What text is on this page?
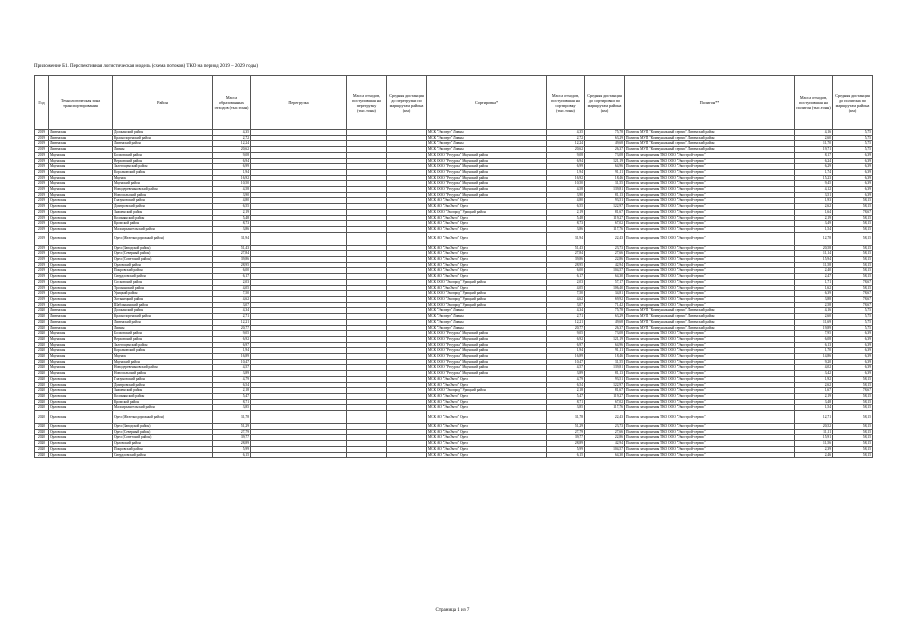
Приложение Б1. Перспективная логистическая модель (схема потоков) ТКО на период 2019 – 2029 годы)
Год	Технологическая зона транспортирования	Район	Масса образованных отходов (тыс.тонн)	Перегрузка	Масса отходов, поступившая на перегрузку (тыс.тонн)	Средняя дистанция до перегрузки по маршрутам района (км)	Сортировка*	Масса отходов, поступившая на сортировку (тыс.тонн)	Средняя дистанция до сортировки по маршрутам района (км)	Полигон**	Масса отходов, поступившая на полигон (тыс.тонн)	Средняя дистанция до полигона по маршрутам района (км)
2019	Ливенская	Должанский район	4,35				МСК "Эксперт" Ливны	4,35	75,78	Полигон МУП "Коммунальный сервис" Ливенский район	4,16	5,75
2019	Ливенская	Краснозоренский район	2,72				МСК "Эксперт" Ливны	2,72	63,29	Полигон МУП "Коммунальный сервис" Ливенский район	2,60	5,75
2019	Ливенская	Ливенский район	12,24				МСК "Эксперт" Ливны	12,24	49,68	Полигон МУП "Коммунальный сервис" Ливенский район	11,70	5,75
2019	Ливенская	Ливны	20,62				МСК "Эксперт" Ливны	20,62	26,37	Полигон МУП "Коммунальный сервис" Ливенский район	19,71	5,75
2019	Мценская	Болховский район	9,08				МСК ООО "Ресурсы" Мценский район	9,08	73,08	Полигон захоронения ТКО ООО "Экострой-сервис"	8,17	6,39
2019	Мценская	Верховский район	6,94				МСК ООО "Ресурсы" Мценский район	6,94	121,19	Полигон захоронения ТКО ООО "Экострой-сервис"	6,24	6,39
2019	Мценская	Залегощенский район	6,99				МСК ООО "Ресурсы" Мценский район	6,99	64,96	Полигон захоронения ТКО ООО "Экострой-сервис"	6,29	6,39
2019	Мценская	Корсаковский район	1,94				МСК ООО "Ресурсы" Мценский район	1,94	91,11	Полигон захоронения ТКО ООО "Экострой-сервис"	1,74	6,39
2019	Мценская	Мценск	16,92				МСК ООО "Ресурсы" Мценский район	16,92	18,46	Полигон захоронения ТКО ООО "Экострой-сервис"	15,23	6,39
2019	Мценская	Мценский район	10,50				МСК ООО "Ресурсы" Мценский район	10,50	31,55	Полигон захоронения ТКО ООО "Экострой-сервис"	9,45	6,39
2019	Мценская	Новодеревеньковский район	4,58				МСК ООО "Ресурсы" Мценский район	4,58	139,81	Полигон захоронения ТКО ООО "Экострой-сервис"	4,12	6,39
2019	Мценская	Новосильский район	3,90				МСК ООО "Ресурсы" Мценский район	3,90	81,13	Полигон захоронения ТКО ООО "Экострой-сервис"	3,51	6,39
2019	Орловская	Глазуновский район	4,80				МСК АО "ЭкоЭнто" Орел	4,80	93,51	Полигон захоронения ТКО ООО "Экострой-сервис"	1,93	58,15
2019	Орловская	Дмитровский район	6,55				МСК АО "ЭкоЭнто" Орел	6,55	122,97	Полигон захоронения ТКО ООО "Экострой-сервис"	2,62	58,15
2019	Орловская	Знаменский район	2,19				МСК ООО "Экопрод" Урицкий район	2,19	81,67	Полигон захоронения ТКО ООО "Экострой-сервис"	1,64	78,67
2019	Орловская	Колпнянский район	5,48				МСК АО "ЭкоЭнто" Орел	5,48	119,27	Полигон захоронения ТКО ООО "Экострой-сервис"	2,19	58,15
2019	Орловская	Кромской район	8,73				МСК АО "ЭкоЭнто" Орел	8,73	67,02	Полигон захоронения ТКО ООО "Экострой-сервис"	3,49	58,15
2019	Орловская	Малоархангельский район	3,86				МСК АО "ЭкоЭнто" Орел	3,86	117,76	Полигон захоронения ТКО ООО "Экострой-сервис"	1,54	58,15
2019	Орловская	Орел (Железнодорожный район)	31,94				МСК АО "ЭкоЭнто" Орел	31,94	22,43	Полигон захоронения ТКО ООО "Экострой-сервис"	12,78	58,15
2019	Орловская	Орел (Заводской район)	51,43				МСК АО "ЭкоЭнто" Орел	51,43	23,73	Полигон захоронения ТКО ООО "Экострой-сервис"	20,58	58,15
2019	Орловская	Орел (Северный район)	27,84				МСК АО "ЭкоЭнто" Орел	27,84	27,66	Полигон захоронения ТКО ООО "Экострой-сервис"	11,14	58,15
2019	Орловская	Орел (Советский район)	39,86				МСК АО "ЭкоЭнто" Орел	39,86	22,86	Полигон захоронения ТКО ООО "Экострой-сервис"	15,94	58,15
2019	Орловская	Орловский район	28,95				МСК АО "ЭкоЭнто" Орел	28,95	42,94	Полигон захоронения ТКО ООО "Экострой-сервис"	11,58	58,15
2019	Орловская	Покровский район	6,00				МСК АО "ЭкоЭнто" Орел	6,00	104,57	Полигон захоронения ТКО ООО "Экострой-сервис"	2,40	58,15
2019	Орловская	Свердловский район	6,17				МСК АО "ЭкоЭнто" Орел	6,17	64,30	Полигон захоронения ТКО ООО "Экострой-сервис"	2,47	58,15
2019	Орловская	Сосковский район	2,03				МСК ООО "Экопрод" Урицкий район	2,03	57,17	Полигон захоронения ТКО ООО "Экострой-сервис"	1,71	78,67
2019	Орловская	Троснянский район	4,05				МСК АО "ЭкоЭнто" Орел	4,05	106,40	Полигон захоронения ТКО ООО "Экострой-сервис"	1,62	58,15
2019	Орловская	Урицкий район	7,50				МСК ООО "Экопрод" Урицкий район	7,50	34,81	Полигон захоронения ТКО ООО "Экострой-сервис"	6,39	78,67
2019	Орловская	Хотынецкий район	4,62				МСК ООО "Экопрод" Урицкий район	4,62	69,92	Полигон захоронения ТКО ООО "Экострой-сервис"	3,88	78,67
2019	Орловская	Шаблыкинский район	3,07				МСК ООО "Экопрод" Урицкий район	3,07	71,42	Полигон захоронения ТКО ООО "Экострой-сервис"	2,58	78,67
2020	Ливенская	Должанский район	4,34				МСК "Эксперт" Ливны	4,34	75,78	Полигон МУП "Коммунальный сервис" Ливенский район	4,16	5,75
2020	Ливенская	Краснозоренский район	2,71				МСК "Эксперт" Ливны	2,71	63,29	Полигон МУП "Коммунальный сервис" Ливенский район	2,60	5,75
2020	Ливенская	Ливенский район	12,21				МСК "Эксперт" Ливны	12,21	49,68	Полигон МУП "Коммунальный сервис" Ливенский район	11,69	5,75
2020	Ливенская	Ливны	20,77				МСК "Эксперт" Ливны	20,77	26,37	Полигон МУП "Коммунальный сервис" Ливенский район	19,89	5,75
2020	Мценская	Болховский район	9,05				МСК ООО "Ресурсы" Мценский район	9,05	73,08	Полигон захоронения ТКО ООО "Экострой-сервис"	7,95	6,39
2020	Мценская	Верховский район	6,92				МСК ООО "Ресурсы" Мценский район	6,92	121,19	Полигон захоронения ТКО ООО "Экострой-сервис"	6,08	6,39
2020	Мценская	Залегощенский район	6,97				МСК ООО "Ресурсы" Мценский район	6,97	64,96	Полигон захоронения ТКО ООО "Экострой-сервис"	6,13	6,39
2020	Мценская	Корсаковский район	1,94				МСК ООО "Ресурсы" Мценский район	1,94	91,11	Полигон захоронения ТКО ООО "Экострой-сервис"	1,70	6,39
2020	Мценская	Мценск	16,89				МСК ООО "Ресурсы" Мценский район	16,89	18,46	Полигон захоронения ТКО ООО "Экострой-сервис"	14,86	6,39
2020	Мценская	Мценский район	10,47				МСК ООО "Ресурсы" Мценский район	10,47	31,55	Полигон захоронения ТКО ООО "Экострой-сервис"	9,20	6,39
2020	Мценская	Новодеревеньковский район	4,57				МСК ООО "Ресурсы" Мценский район	4,57	139,81	Полигон захоронения ТКО ООО "Экострой-сервис"	4,02	6,39
2020	Мценская	Новосильский район	3,89				МСК ООО "Ресурсы" Мценский район	3,89	81,13	Полигон захоронения ТКО ООО "Экострой-сервис"	3,42	6,39
2020	Орловская	Глазуновский район	4,79				МСК АО "ЭкоЭнто" Орел	4,79	93,51	Полигон захоронения ТКО ООО "Экострой-сервис"	1,92	58,15
2020	Орловская	Дмитровский район	6,54				МСК АО "ЭкоЭнто" Орел	6,54	122,97	Полигон захоронения ТКО ООО "Экострой-сервис"	2,62	58,15
2020	Орловская	Знаменский район	2,18				МСК ООО "Экопрод" Урицкий район	2,18	81,67	Полигон захоронения ТКО ООО "Экострой-сервис"	1,67	78,67
2020	Орловская	Колпнянский район	5,47				МСК АО "ЭкоЭнто" Орел	5,47	119,27	Полигон захоронения ТКО ООО "Экострой-сервис"	2,19	58,15
2020	Орловская	Кромской район	8,71				МСК АО "ЭкоЭнто" Орел	8,71	67,02	Полигон захоронения ТКО ООО "Экострой-сервис"	3,48	58,15
2020	Орловская	Малоархангельский район	3,85				МСК АО "ЭкоЭнто" Орел	3,85	117,76	Полигон захоронения ТКО ООО "Экострой-сервис"	1,54	58,15
2020	Орловская	Орел (Железнодорожный район)	31,78				МСК АО "ЭкоЭнто" Орел	31,78	22,43	Полигон захоронения ТКО ООО "Экострой-сервис"	12,71	58,15
2020	Орловская	Орел (Заводской район)	51,29				МСК АО "ЭкоЭнто" Орел	51,29	23,73	Полигон захоронения ТКО ООО "Экострой-сервис"	20,52	58,15
2020	Орловская	Орел (Северный район)	27,79				МСК АО "ЭкоЭнто" Орел	27,79	27,66	Полигон захоронения ТКО ООО "Экострой-сервис"	11,11	58,15
2020	Орловская	Орел (Советский район)	39,77				МСК АО "ЭкоЭнто" Орел	39,77	22,86	Полигон захоронения ТКО ООО "Экострой-сервис"	15,91	58,15
2020	Орловская	Орловский район	28,89				МСК АО "ЭкоЭнто" Орел	28,89	42,94	Полигон захоронения ТКО ООО "Экострой-сервис"	11,56	58,15
2020	Орловская	Покровский район	5,99				МСК АО "ЭкоЭнто" Орел	5,99	104,57	Полигон захоронения ТКО ООО "Экострой-сервис"	2,39	58,15
2020	Орловская	Свердловский район	6,15				МСК АО "ЭкоЭнто" Орел	6,15	64,30	Полигон захоронения ТКО ООО "Экострой-сервис"	2,46	58,15
Страница 1 из 7
